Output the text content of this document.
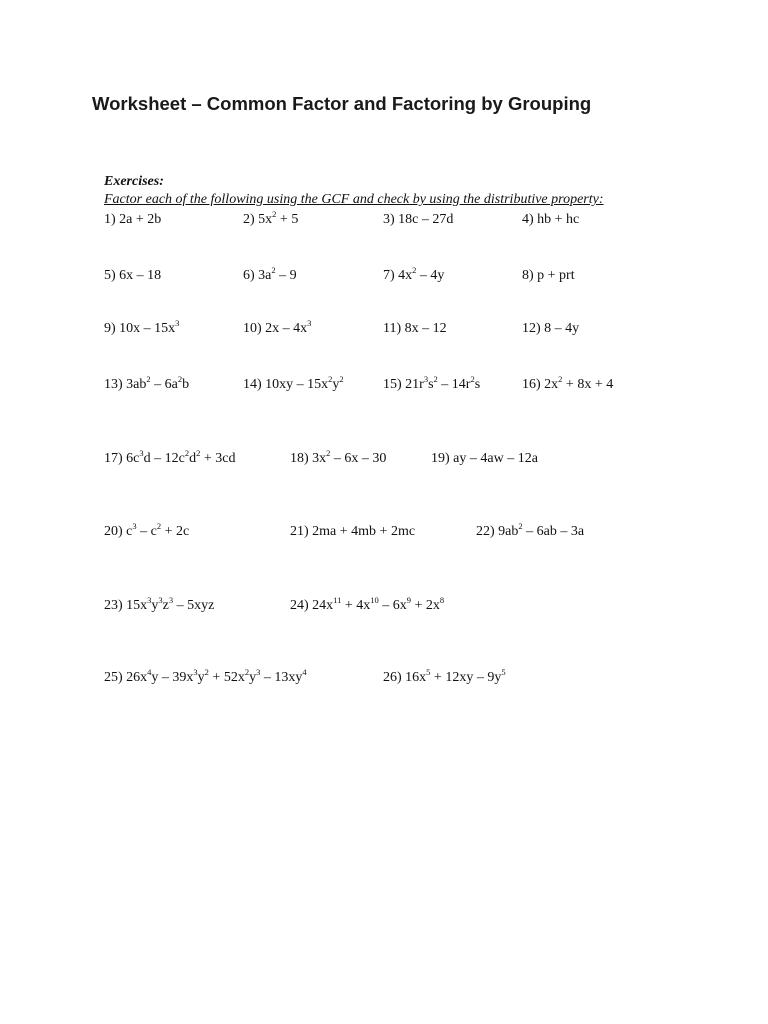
Worksheet – Common Factor and Factoring by Grouping
Exercises:
Factor each of the following using the GCF and check by using the distributive property:
1) 2a + 2b	2) $5x^2 + 5$	3) 18c – 27d	4) hb + hc
5) 6x – 18	6) $3a^2 - 9$	7) $4x^2 - 4y$	8) p + prt
9) $10x - 15x^3$	10) $2x - 4x^3$	11) 8x – 12	12) 8 – 4y
13) $3ab^2 - 6a^2b$	14) $10xy - 15x^2y^2$	15) $21r^3s^2 - 14r^2s$	16) $2x^2 + 8x + 4$
17) $6c^3d - 12c^2d^2 + 3cd$	18) $3x^2 - 6x - 30$	19) ay – 4aw – 12a
20) $c^3 - c^2 + 2c$	21) 2ma + 4mb + 2mc	22) $9ab^2 - 6ab - 3a$
23) $15x^3y^3z^3 - 5xyz$	24) $24x^{11} + 4x^{10} - 6x^9 + 2x^8$
25) $26x^4y - 39x^3y^2 + 52x^2y^3 - 13xy^4$	26) $16x^5 + 12xy - 9y^5$
